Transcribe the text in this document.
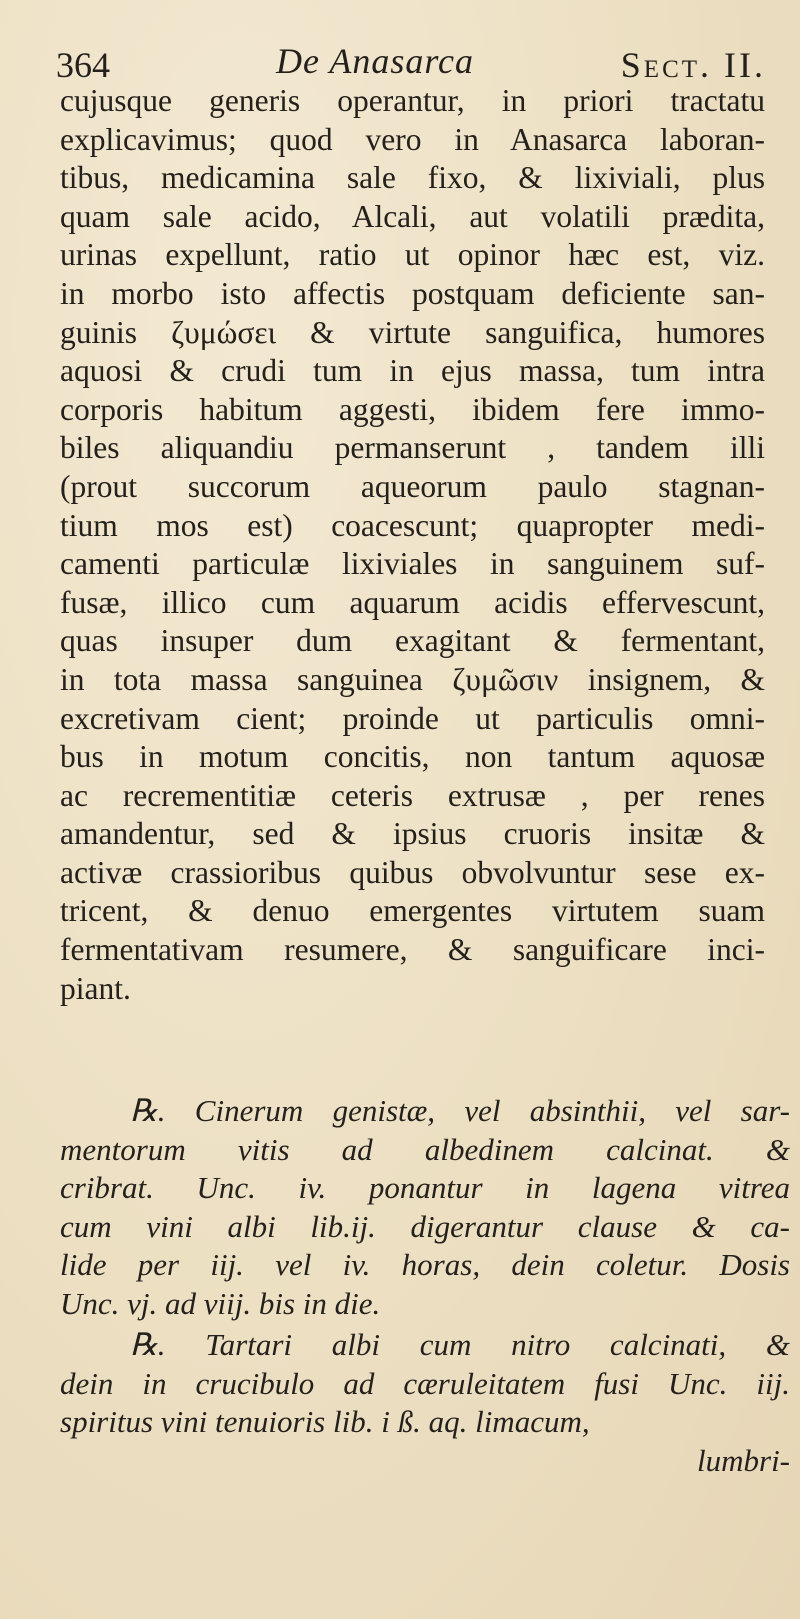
364	De Anasarca	Sect. II.
cujusque generis operantur, in priori tractatu
explicavimus; quod vero in Anasarca laboran-
tibus, medicamina sale fixo, & lixiviali, plus
quam sale acido, Alcali, aut volatili prædita,
urinas expellunt, ratio ut opinor hæc est, viz.
in morbo isto affectis postquam deficiente san-
guinis ζυμώσει & virtute sanguifica, humores
aquosi & crudi tum in ejus massa, tum intra
corporis habitum aggesti, ibidem fere immo-
biles aliquandiu permanserunt , tandem illi
(prout succorum aqueorum paulo stagnan-
tium mos est) coacescunt; quapropter medi-
camenti particulæ lixiviales in sanguinem suf-
fusæ, illico cum aquarum acidis effervescunt,
quas insuper dum exagitant & fermentant,
in tota massa sanguinea ζυμῶσιν insignem, &
excretivam cient; proinde ut particulis omni-
bus in motum concitis, non tantum aquosæ
ac recrementitiæ ceteris extrusæ , per renes
amandentur, sed & ipsius cruoris insitæ &
activæ crassioribus quibus obvolvuntur sese ex-
tricent, & denuo emergentes virtutem suam
fermentativam resumere, & sanguificare inci-
piant.
℞. Cinerum genistæ, vel absinthii, vel sar-
mentorum vitis ad albedinem calcinat. &
cribrat. Unc. iv. ponantur in lagena vitrea
cum vini albi lib.ij. digerantur clause & ca-
lide per iij. vel iv. horas, dein coletur. Dosis
Unc. vj. ad viij. bis in die.
℞. Tartari albi cum nitro calcinati, &
dein in crucibulo ad cæruleitatem fusi Unc. iij.
spiritus vini tenuioris lib. i ß. aq. limacum,
lumbri-
